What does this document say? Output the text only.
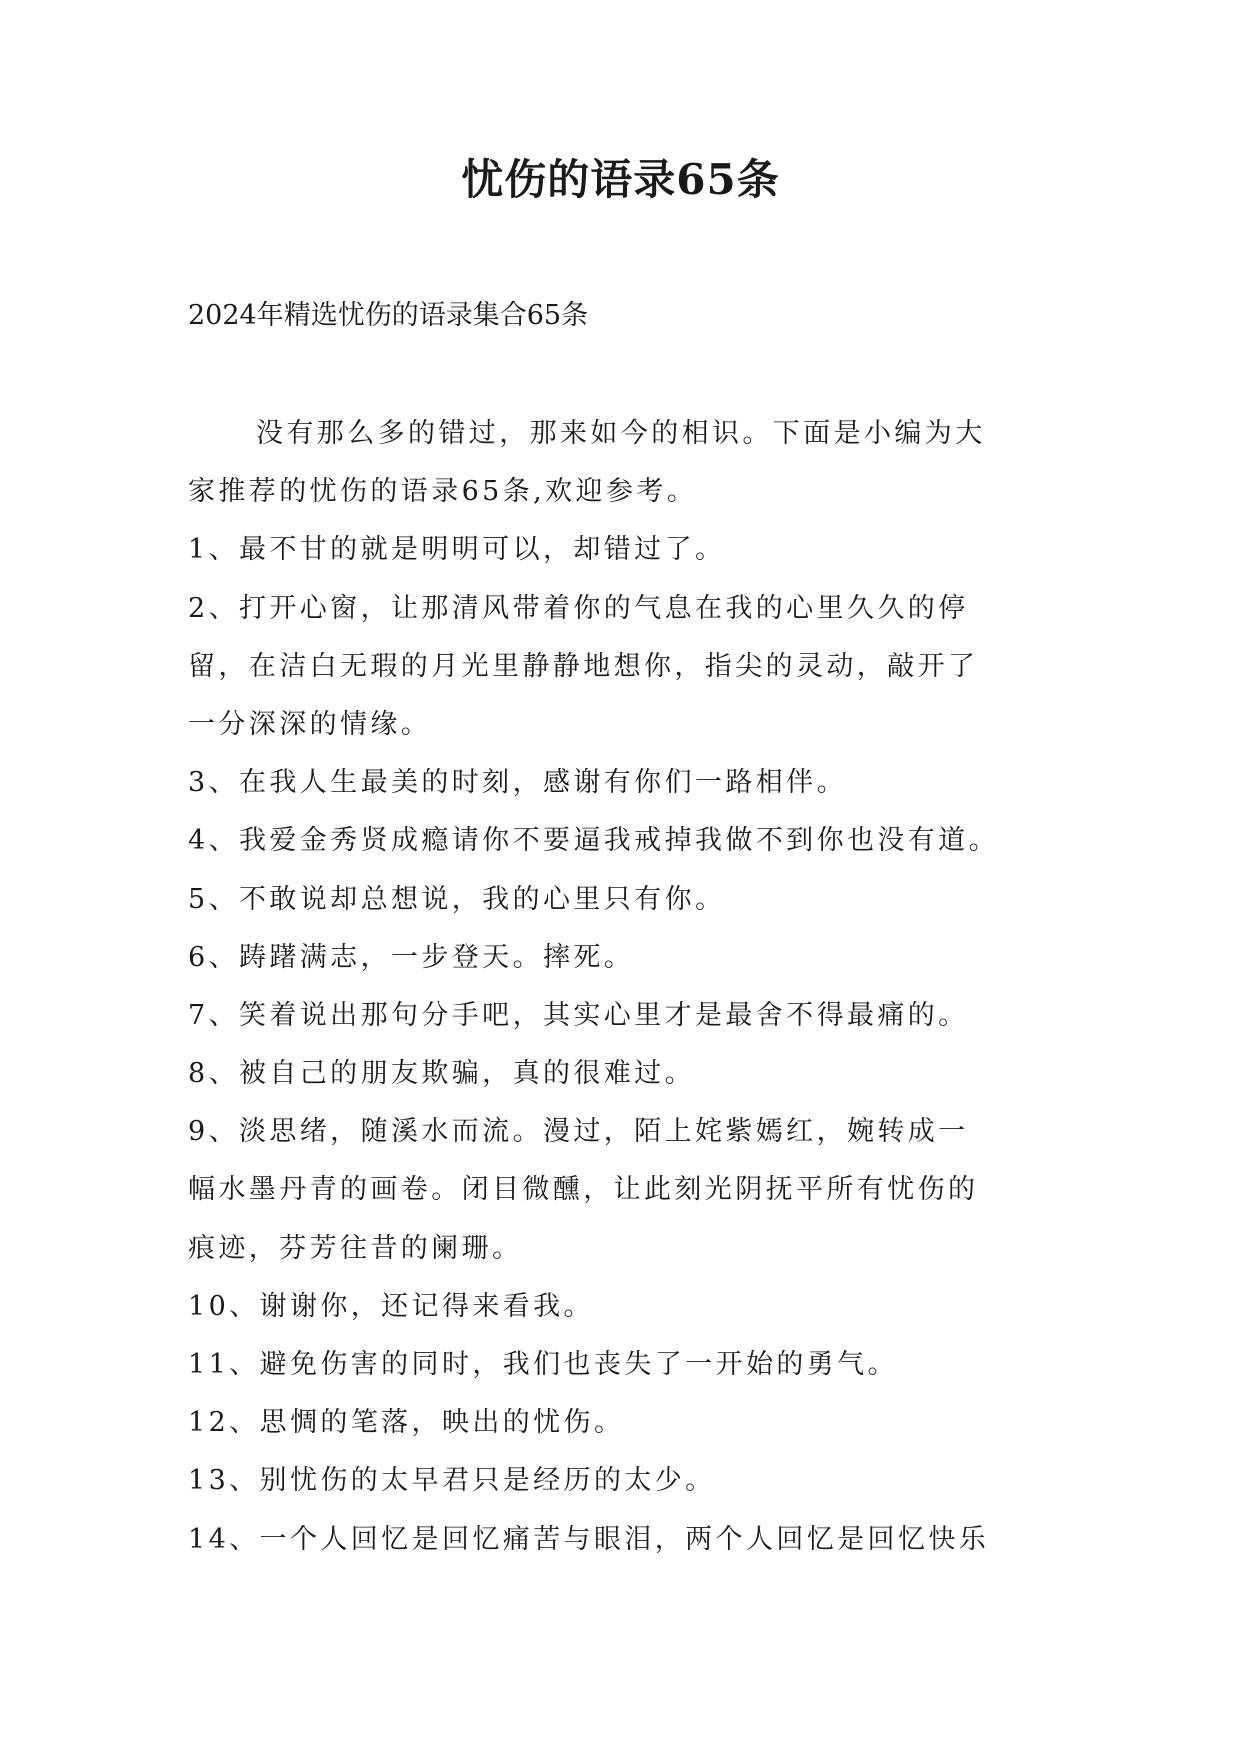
忧伤的语录65条

2024年精选忧伤的语录集合65条

没有那么多的错过，那来如今的相识。下面是小编为大
家推荐的忧伤的语录65条,欢迎参考。
1、最不甘的就是明明可以，却错过了。
2、打开心窗，让那清风带着你的气息在我的心里久久的停
留，在洁白无瑕的月光里静静地想你，指尖的灵动，敲开了
一分深深的情缘。
3、在我人生最美的时刻，感谢有你们一路相伴。
4、我爱金秀贤成瘾请你不要逼我戒掉我做不到你也没有道。
5、不敢说却总想说，我的心里只有你。
6、踌躇满志，一步登天。摔死。
7、笑着说出那句分手吧，其实心里才是最舍不得最痛的。
8、被自己的朋友欺骗，真的很难过。
9、淡思绪，随溪水而流。漫过，陌上姹紫嫣红，婉转成一
幅水墨丹青的画卷。闭目微醺，让此刻光阴抚平所有忧伤的
痕迹，芬芳往昔的阑珊。
10、谢谢你，还记得来看我。
11、避免伤害的同时，我们也丧失了一开始的勇气。
12、思惆的笔落，映出的忧伤。
13、别忧伤的太早君只是经历的太少。
14、一个人回忆是回忆痛苦与眼泪，两个人回忆是回忆快乐
